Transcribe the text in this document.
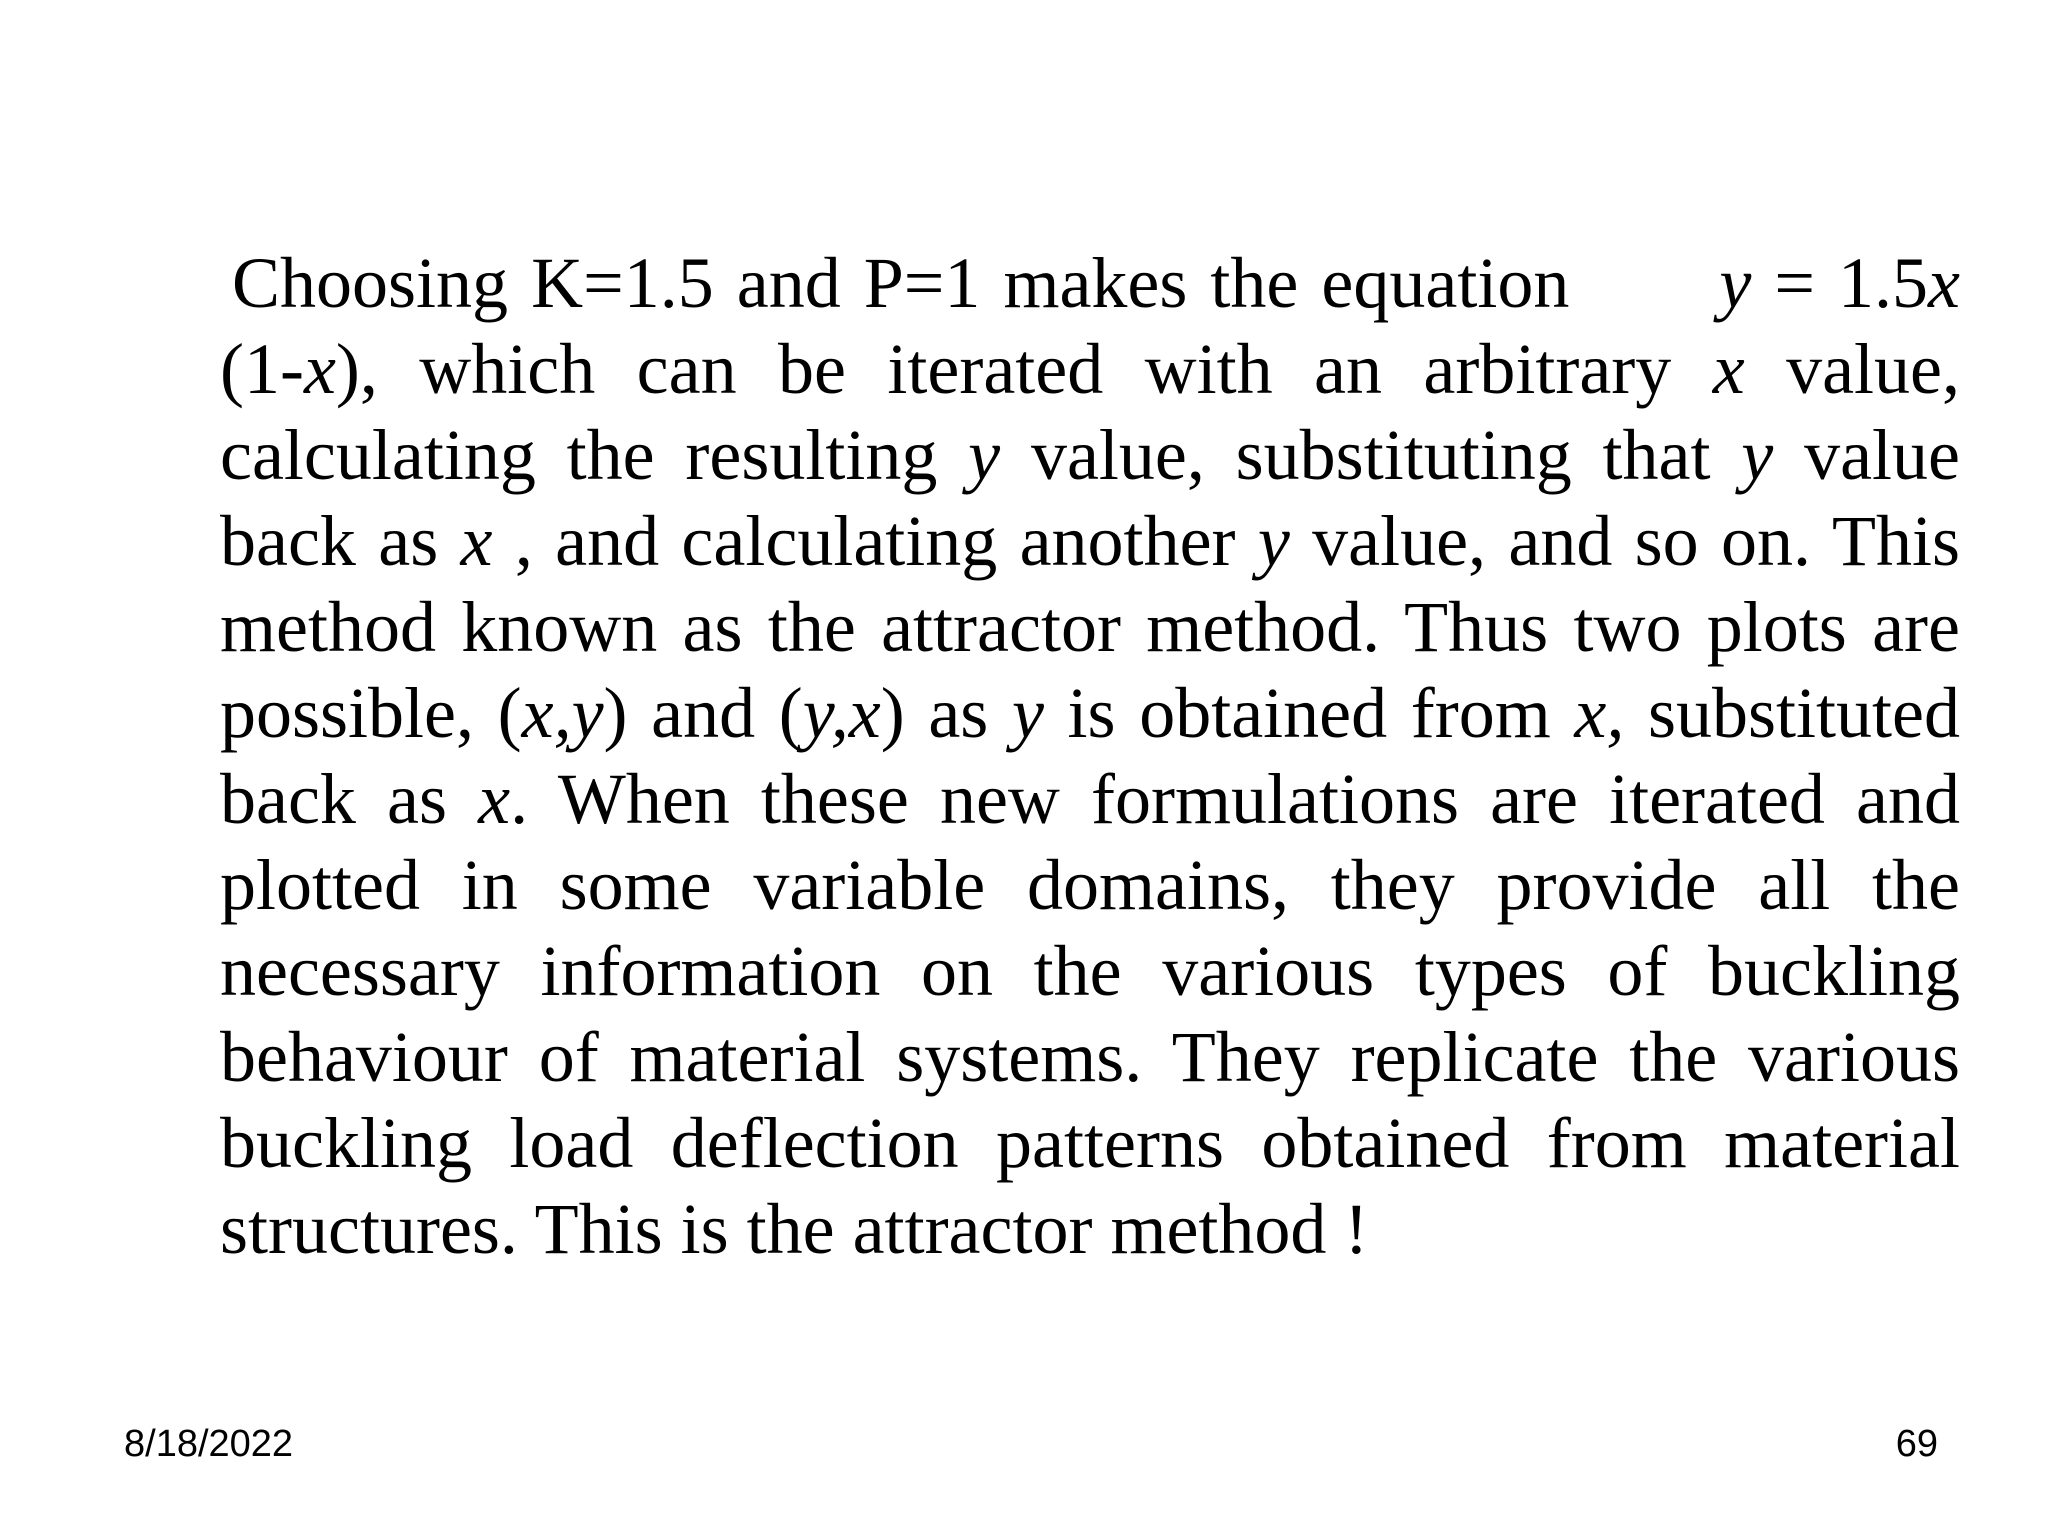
Choosing K=1.5 and P=1 makes the equation y = 1.5x (1-x), which can be iterated with an arbitrary x value, calculating the resulting y value, substituting that y value back as x , and calculating another y value, and so on. This method known as the attractor method. Thus two plots are possible, (x,y) and (y,x) as y is obtained from x, substituted back as x. When these new formulations are iterated and plotted in some variable domains, they provide all the necessary information on the various types of buckling behaviour of material systems. They replicate the various buckling load deflection patterns obtained from material structures. This is the attractor method !
8/18/2022	69
